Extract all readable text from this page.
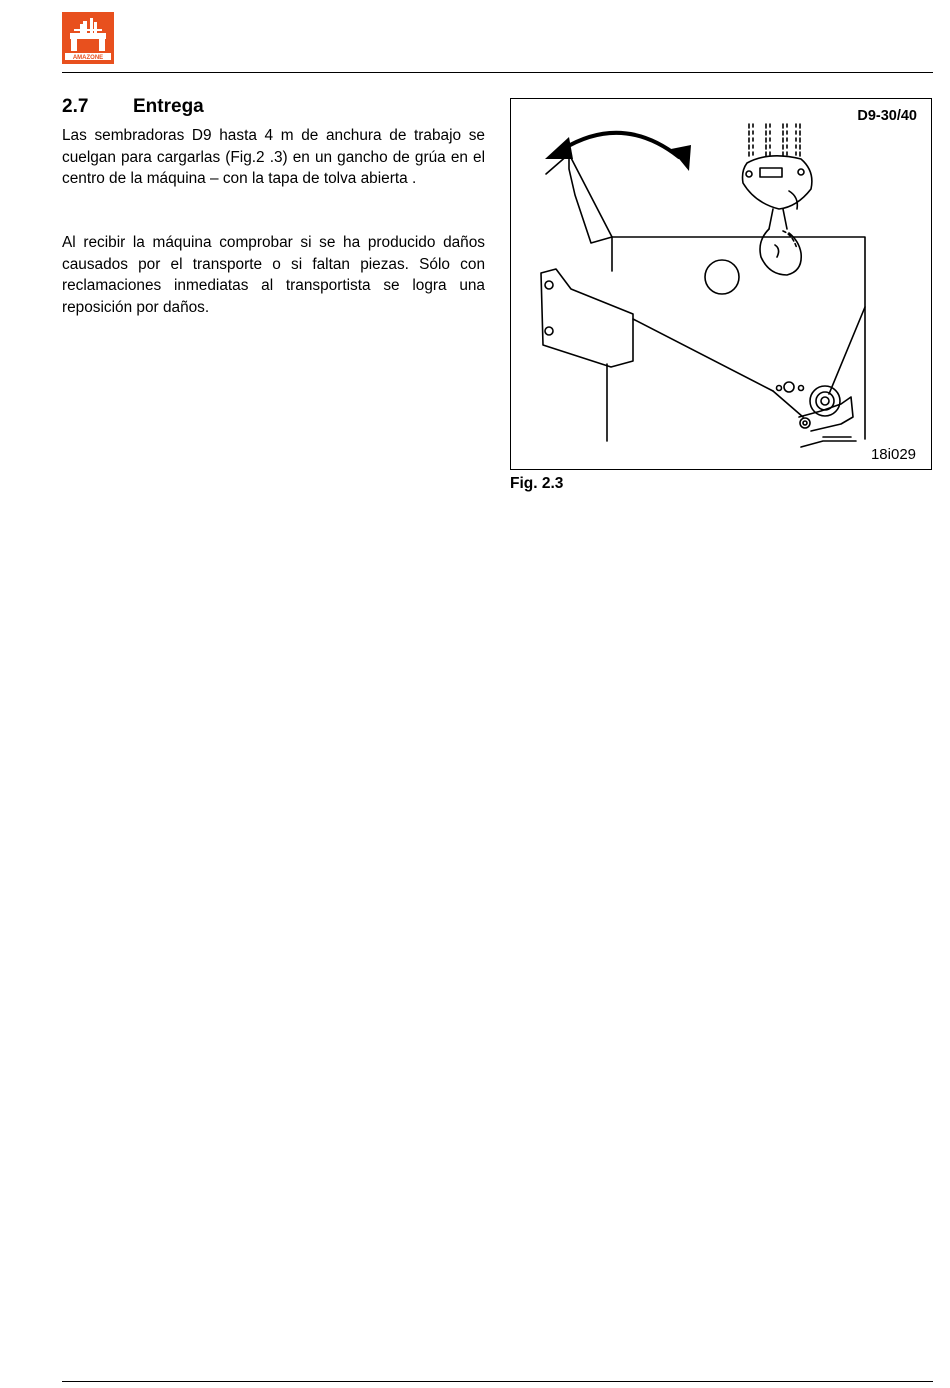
AMAZONE
2.7 Entrega

Las sembradoras D9 hasta 4 m de anchura de trabajo se cuelgan para cargarlas (Fig.2 .3) en un gancho de grúa en el centro de la máquina – con la tapa de tolva abierta .

Al recibir la máquina comprobar si se ha producido daños causados por el transporte o si faltan piezas. Sólo con reclamaciones inmediatas al transportista se logra una reposición por daños.

D9-30/40
18i029
Fig. 2.3
